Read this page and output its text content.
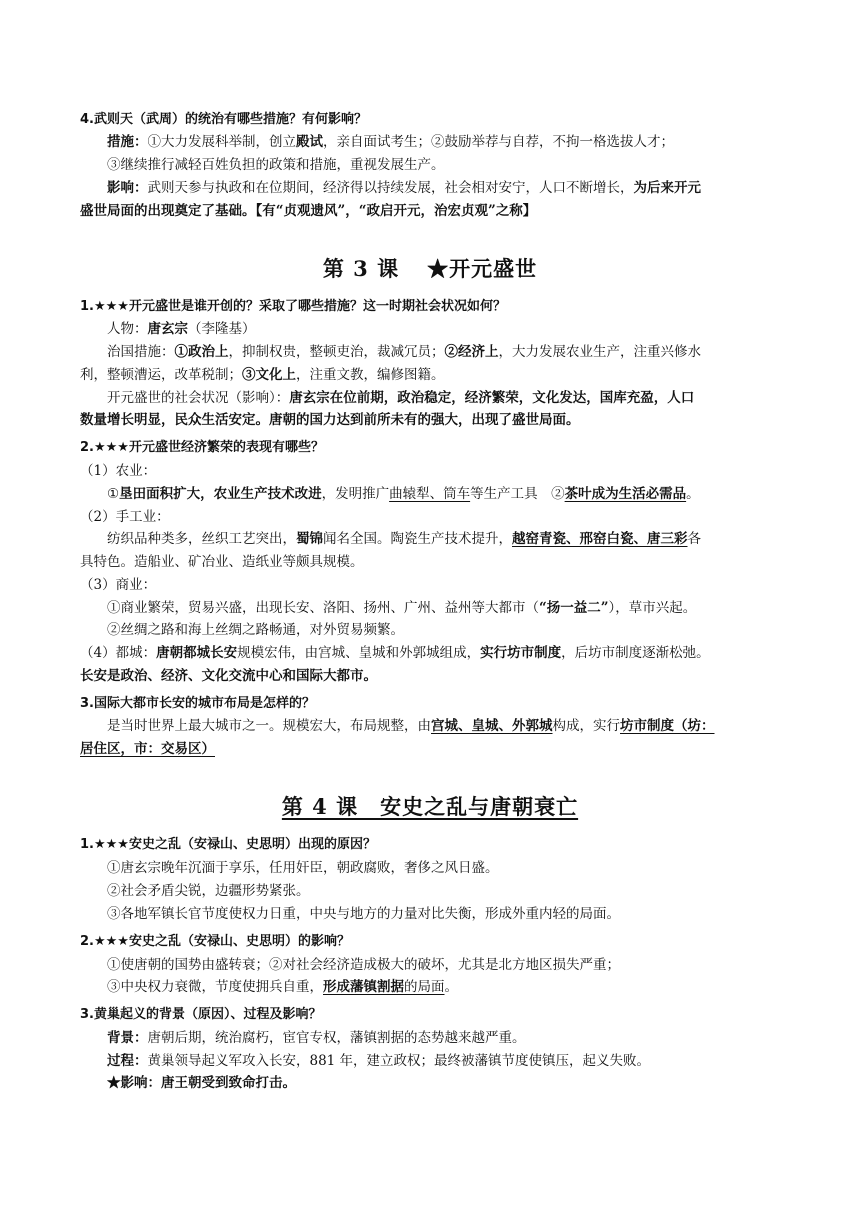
4.武则天（武周）的统治有哪些措施？有何影响？
措施：①大力发展科举制，创立殿试，亲自面试考生；②鼓励举荐与自荐，不拘一格选拔人才；
③继续推行减轻百姓负担的政策和措施，重视发展生产。
影响：武则天参与执政和在位期间，经济得以持续发展，社会相对安宁，人口不断增长，为后来开元
盛世局面的出现奠定了基础。【有“贞观遗风”，“政启开元，治宏贞观”之称】
第 3 课 ★开元盛世
1.★★★开元盛世是谁开创的？采取了哪些措施？这一时期社会状况如何？
人物：唐玄宗（李隆基）
治国措施：①政治上，抑制权贵，整顿吏治，裁减冗员；②经济上，大力发展农业生产，注重兴修水
利，整顿漕运，改革税制；③文化上，注重文教，编修图籍。
开元盛世的社会状况（影响）：唐玄宗在位前期，政治稳定，经济繁荣，文化发达，国库充盈，人口
数量增长明显，民众生活安定。唐朝的国力达到前所未有的强大，出现了盛世局面。
2.★★★开元盛世经济繁荣的表现有哪些？
（1）农业：
①垦田面积扩大，农业生产技术改进，发明推广曲辕犁、筒车等生产工具　②茶叶成为生活必需品。
（2）手工业：
纺织品种类多，丝织工艺突出，蜀锦闻名全国。陶瓷生产技术提升，越窑青瓷、邢窑白瓷、唐三彩各
具特色。造船业、矿冶业、造纸业等颇具规模。
（3）商业：
①商业繁荣，贸易兴盛，出现长安、洛阳、扬州、广州、益州等大都市（“扬一益二”），草市兴起。
②丝绸之路和海上丝绸之路畅通，对外贸易频繁。
（4）都城：唐朝都城长安规模宏伟，由宫城、皇城和外郭城组成，实行坊市制度，后坊市制度逐渐松弛。
长安是政治、经济、文化交流中心和国际大都市。
3.国际大都市长安的城市布局是怎样的？
是当时世界上最大城市之一。规模宏大，布局规整，由宫城、皇城、外郭城构成，实行坊市制度（坊：
居住区，市：交易区）
第 4 课　安史之乱与唐朝衰亡
1.★★★安史之乱（安禄山、史思明）出现的原因？
①唐玄宗晚年沉湎于享乐，任用奸臣，朝政腐败，奢侈之风日盛。
②社会矛盾尖锐，边疆形势紧张。
③各地军镇长官节度使权力日重，中央与地方的力量对比失衡，形成外重内轻的局面。
2.★★★安史之乱（安禄山、史思明）的影响？
①使唐朝的国势由盛转衰；②对社会经济造成极大的破坏，尤其是北方地区损失严重；
③中央权力衰微，节度使拥兵自重，形成藩镇割据的局面。
3.黄巢起义的背景（原因）、过程及影响？
背景：唐朝后期，统治腐朽，宦官专权，藩镇割据的态势越来越严重。
过程：黄巢领导起义军攻入长安，881 年，建立政权；最终被藩镇节度使镇压，起义失败。
★影响：唐王朝受到致命打击。
